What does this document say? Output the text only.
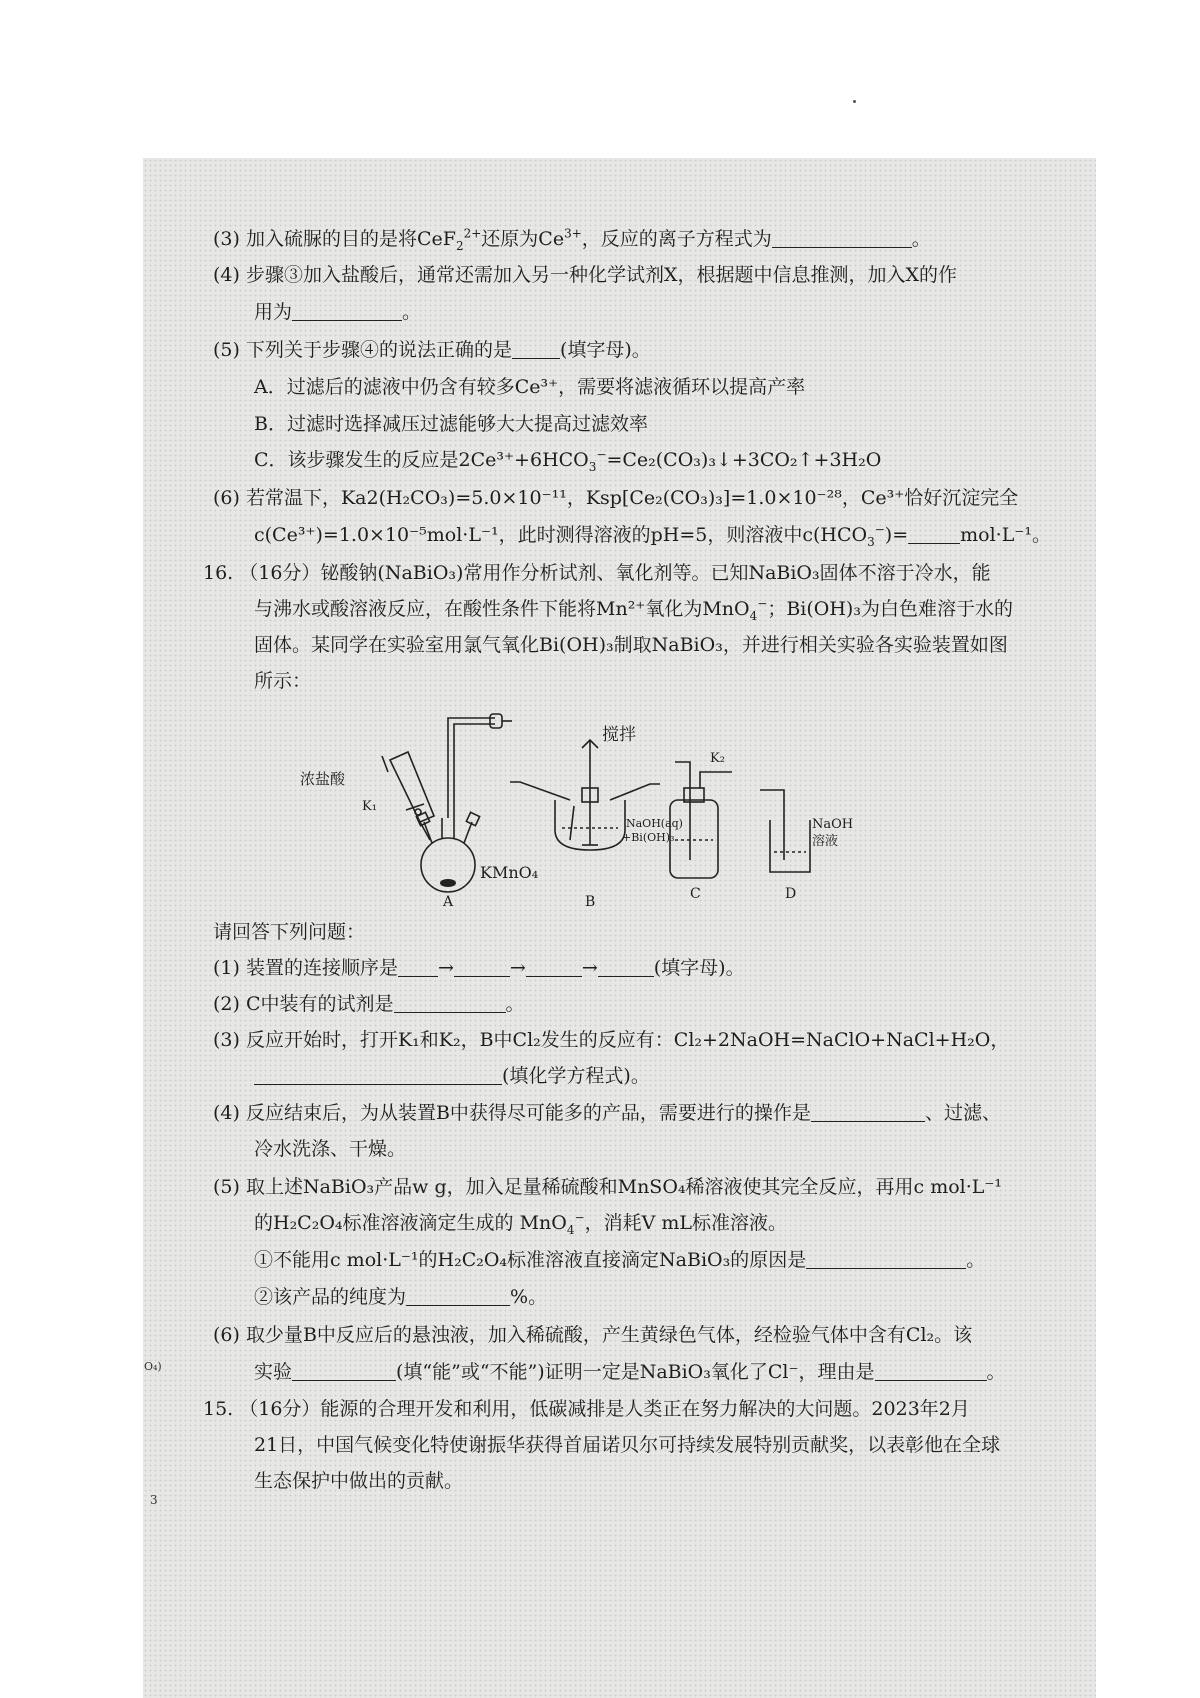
(3) 加入硫脲的目的是将CeF$_2^{2+}$还原为$Ce^{3+}$，反应的离子方程式为	。
(4) 步骤③加入盐酸后，通常还需加入另一种化学试剂X，根据题中信息推测，加入X的作
用为	。
(5) 下列关于步骤④的说法正确的是	(填字母)。
A．过滤后的滤液中仍含有较多Ce³⁺，需要将滤液循环以提高产率
B．过滤时选择减压过滤能够大大提高过滤效率
C．该步骤发生的反应是$2Ce^{3+}+6HCO_3^-=Ce_2(CO_3)_3↓+3CO_2↑+3H_2O$
(6) 若常温下，Ka2(H₂CO₃)=5.0×10⁻¹¹，Ksp[Ce₂(CO₃)₃]=1.0×10⁻²⁸，Ce³⁺恰好沉淀完全
c(Ce³⁺)=1.0×10⁻⁵mol·L⁻¹，此时测得溶液的pH=5，则溶液中$c(HCO_3^-)=$	mol·L⁻¹。
16. （16分）铋酸钠(NaBiO₃)常用作分析试剂、氧化剂等。已知NaBiO₃固体不溶于冷水，能
与沸水或酸溶液反应，在酸性条件下能将Mn²⁺氧化为MnO$_4$−；Bi(OH)₃为白色难溶于水的
固体。某同学在实验室用氯气氧化Bi(OH)₃制取NaBiO₃，并进行相关实验各实验装置如图
所示：
浓盐酸
K₁
KMnO₄
A
搅拌
NaOH(aq)
+Bi(OH)₃
B
K₂
C
NaOH
溶液
D
请回答下列问题：
(1) 装置的连接顺序是 →	→	→	(填字母)。
(2) C中装有的试剂是	。
(3) 反应开始时，打开K₁和K₂，B中Cl₂发生的反应有：Cl₂+2NaOH=NaClO+NaCl+H₂O，
(填化学方程式)。
(4) 反应结束后，为从装置B中获得尽可能多的产品，需要进行的操作是	、过滤、
冷水洗涤、干燥。
(5) 取上述NaBiO₃产品w g，加入足量稀硫酸和MnSO₄稀溶液使其完全反应，再用c mol·L⁻¹
的H₂C₂O₄标准溶液滴定生成的 MnO$_4$−，消耗V mL标准溶液。
①不能用c mol·L⁻¹的H₂C₂O₄标准溶液直接滴定NaBiO₃的原因是	。
②该产品的纯度为	%。
(6) 取少量B中反应后的悬浊液，加入稀硫酸，产生黄绿色气体，经检验气体中含有Cl₂。该
实验	(填“能”或“不能”)证明一定是NaBiO₃氧化了Cl⁻，理由是	。
O₄)
15. （16分）能源的合理开发和利用，低碳减排是人类正在努力解决的大问题。2023年2月
21日，中国气候变化特使谢振华获得首届诺贝尔可持续发展特别贡献奖，以表彰他在全球
生态保护中做出的贡献。
3
